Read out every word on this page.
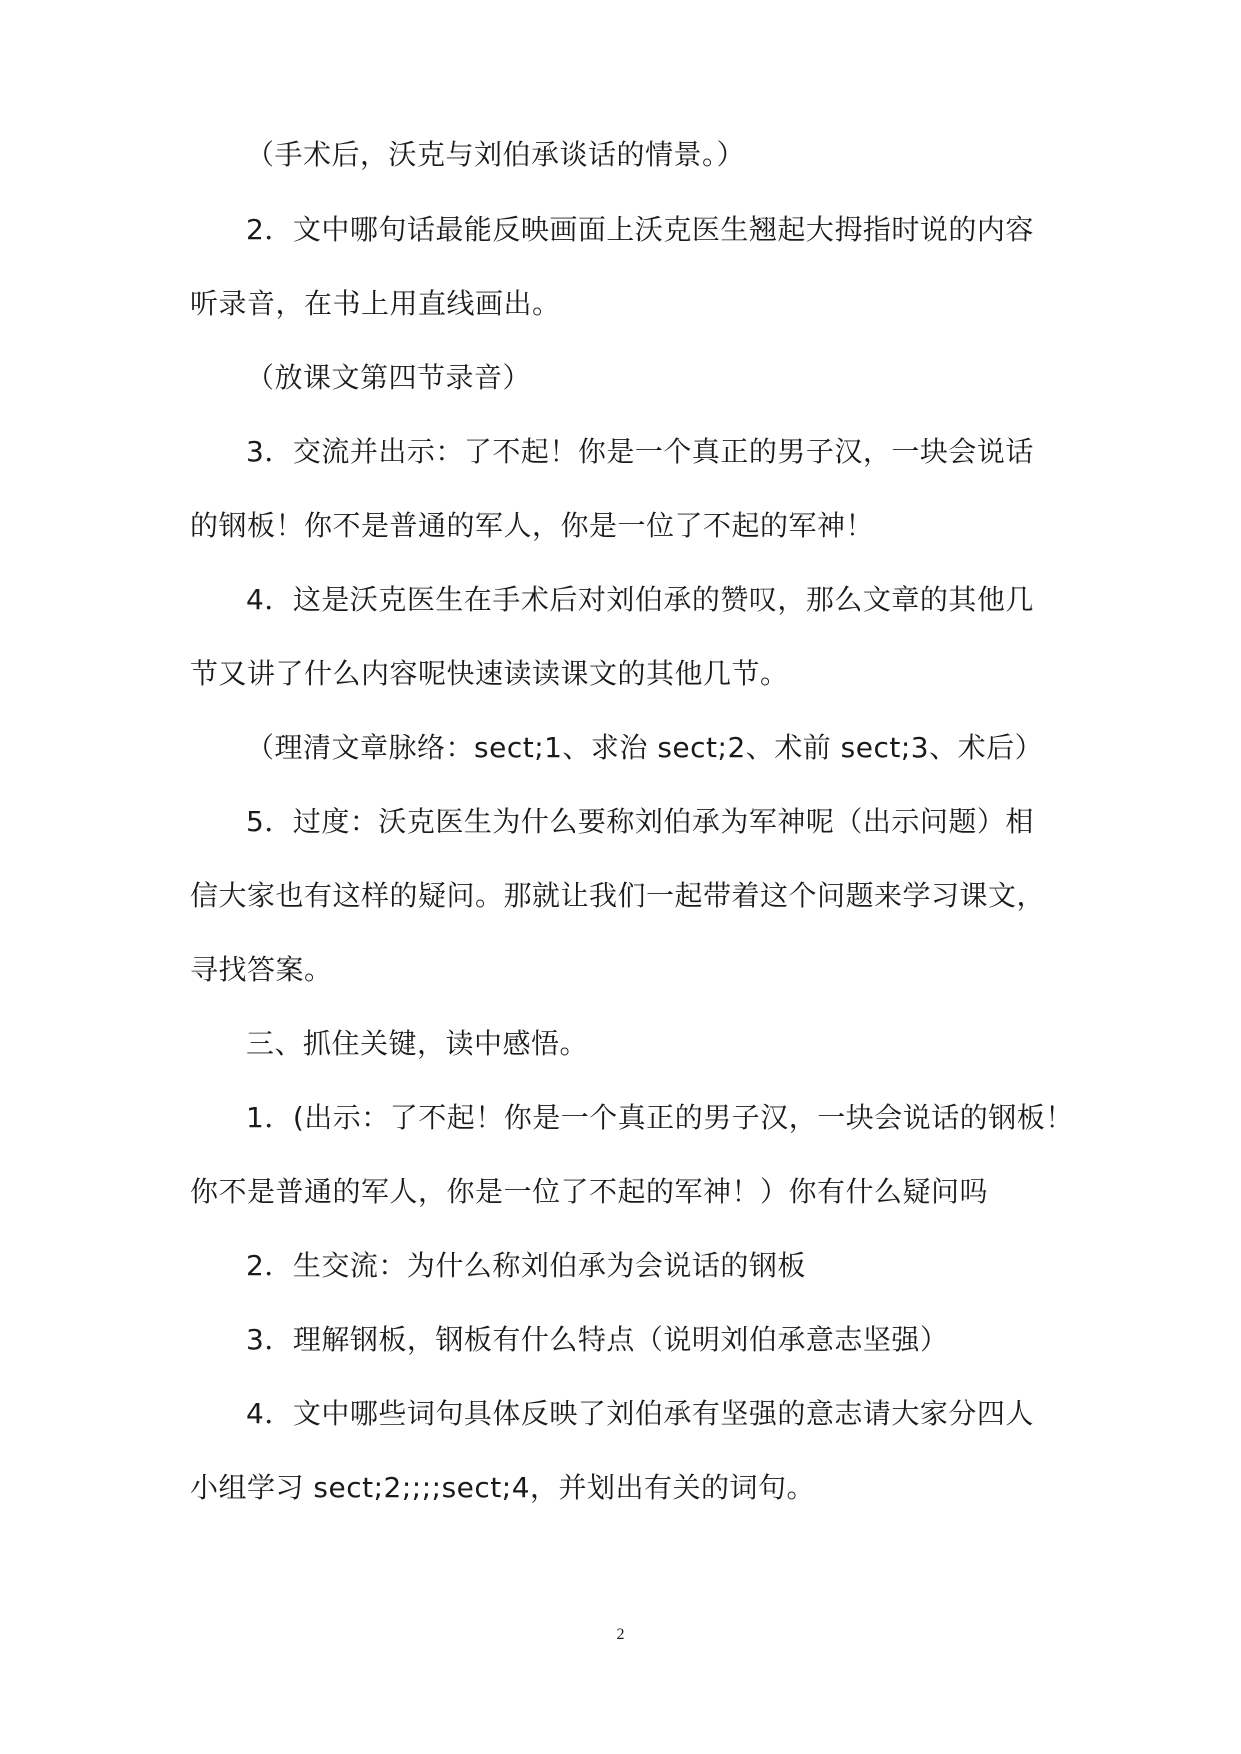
（手术后，沃克与刘伯承谈话的情景。）
2．文中哪句话最能反映画面上沃克医生翘起大拇指时说的内容
听录音，在书上用直线画出。
（放课文第四节录音）
3．交流并出示：了不起！你是一个真正的男子汉，一块会说话
的钢板！你不是普通的军人，你是一位了不起的军神！
4．这是沃克医生在手术后对刘伯承的赞叹，那么文章的其他几
节又讲了什么内容呢快速读读课文的其他几节。
（理清文章脉络：sect;1、求治 sect;2、术前 sect;3、术后）
5．过度：沃克医生为什么要称刘伯承为军神呢（出示问题）相
信大家也有这样的疑问。那就让我们一起带着这个问题来学习课文，
寻找答案。
三、抓住关键，读中感悟。
1．(出示：了不起！你是一个真正的男子汉，一块会说话的钢板！
你不是普通的军人，你是一位了不起的军神！）你有什么疑问吗
2．生交流：为什么称刘伯承为会说话的钢板
3．理解钢板，钢板有什么特点（说明刘伯承意志坚强）
4．文中哪些词句具体反映了刘伯承有坚强的意志请大家分四人
小组学习 sect;2;;;;sect;4，并划出有关的词句。
2
